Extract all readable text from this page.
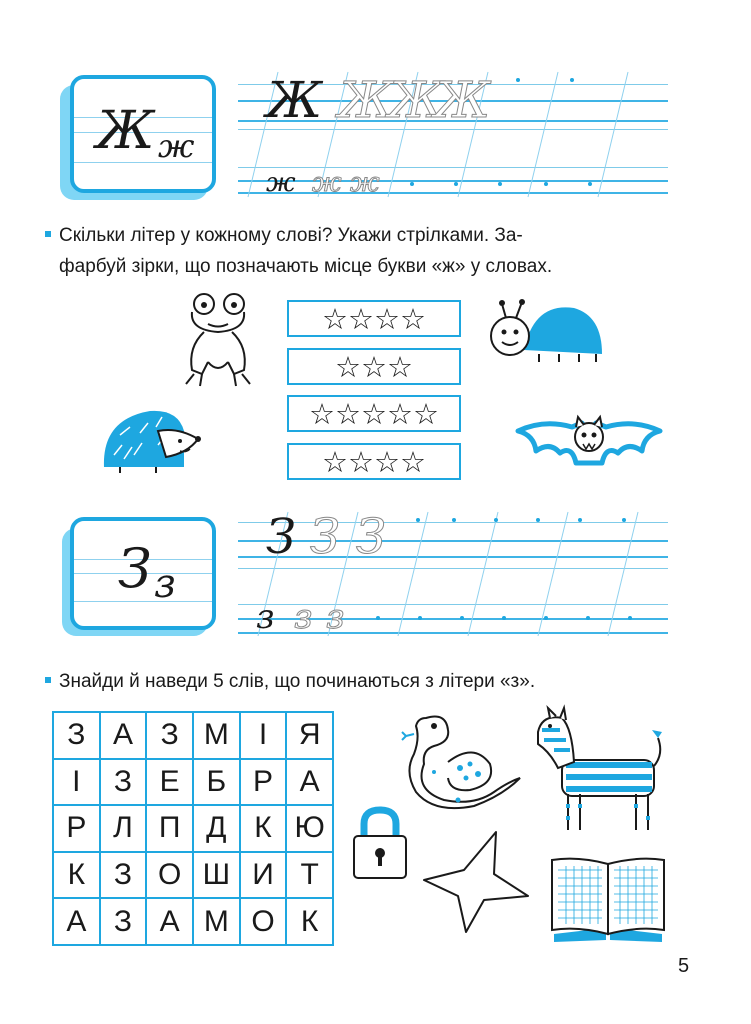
Ж ж
Ж Ж
Ж
Ж
ж ж ж
Скільки літер у кожному слові? Укажи стрілками. За-
фарбуй зірки, що позначають місце букви «ж» у словах.
☆☆☆☆
☆☆☆
☆☆☆☆☆
☆☆☆☆
З з
З З З
з з з
Знайди й наведи 5 слів, що починаються з літери «з».
З А З М І	Я
І	З Е Б Р А
Р Л П Д К Ю
К З О Ш И Т
А З А М О К
5
